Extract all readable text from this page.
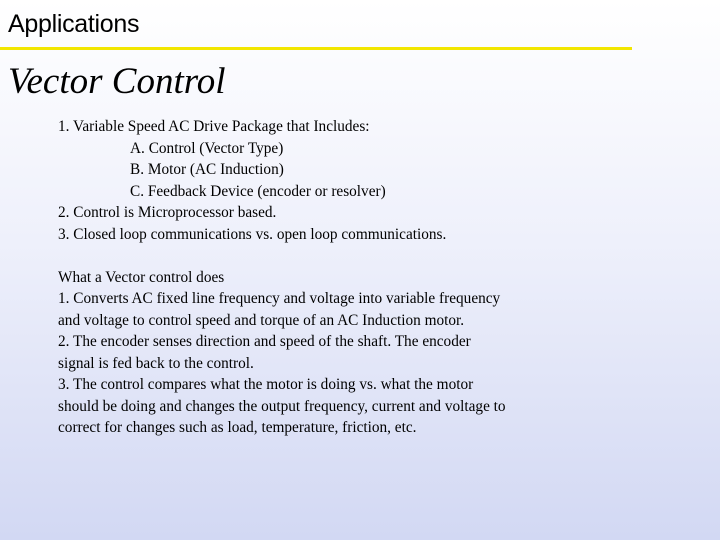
Applications
Vector Control
1. Variable Speed AC Drive Package that Includes:
A. Control (Vector Type)
B. Motor (AC Induction)
C. Feedback Device (encoder or resolver)
2. Control is Microprocessor based.
3. Closed loop communications vs. open loop communications.
What a Vector control does
1. Converts AC fixed line frequency and voltage into variable frequency
and voltage to control speed and torque of an AC Induction motor.
2. The encoder senses direction and speed of the shaft. The encoder
signal is fed back to the control.
3. The control compares what the motor is doing vs. what the motor
should be doing and changes the output frequency, current and voltage to
correct for changes such as load, temperature, friction, etc.
